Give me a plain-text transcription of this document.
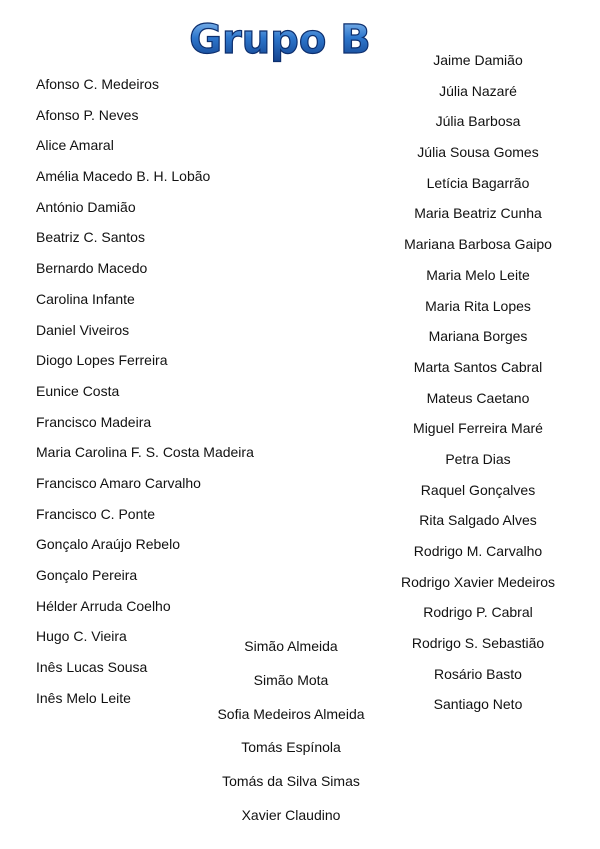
Grupo B
Afonso C. Medeiros
Afonso P. Neves
Alice Amaral
Amélia Macedo B. H. Lobão
António Damião
Beatriz C. Santos
Bernardo Macedo
Carolina Infante
Daniel Viveiros
Diogo Lopes Ferreira
Eunice Costa
Francisco Madeira
Maria Carolina F. S. Costa Madeira
Francisco Amaro Carvalho
Francisco C. Ponte
Gonçalo Araújo Rebelo
Gonçalo Pereira
Hélder Arruda Coelho
Hugo C. Vieira
Inês Lucas Sousa
Inês Melo Leite
Jaime Damião
Júlia Nazaré
Júlia Barbosa
Júlia Sousa Gomes
Letícia Bagarrão
Maria Beatriz Cunha
Mariana Barbosa Gaipo
Maria Melo Leite
Maria Rita Lopes
Mariana Borges
Marta Santos Cabral
Mateus Caetano
Miguel Ferreira Maré
Petra Dias
Raquel Gonçalves
Rita Salgado Alves
Rodrigo M. Carvalho
Rodrigo Xavier Medeiros
Rodrigo P. Cabral
Rodrigo S. Sebastião
Rosário Basto
Santiago Neto
Simão Almeida
Simão Mota
Sofia Medeiros Almeida
Tomás Espínola
Tomás da Silva Simas
Xavier Claudino
